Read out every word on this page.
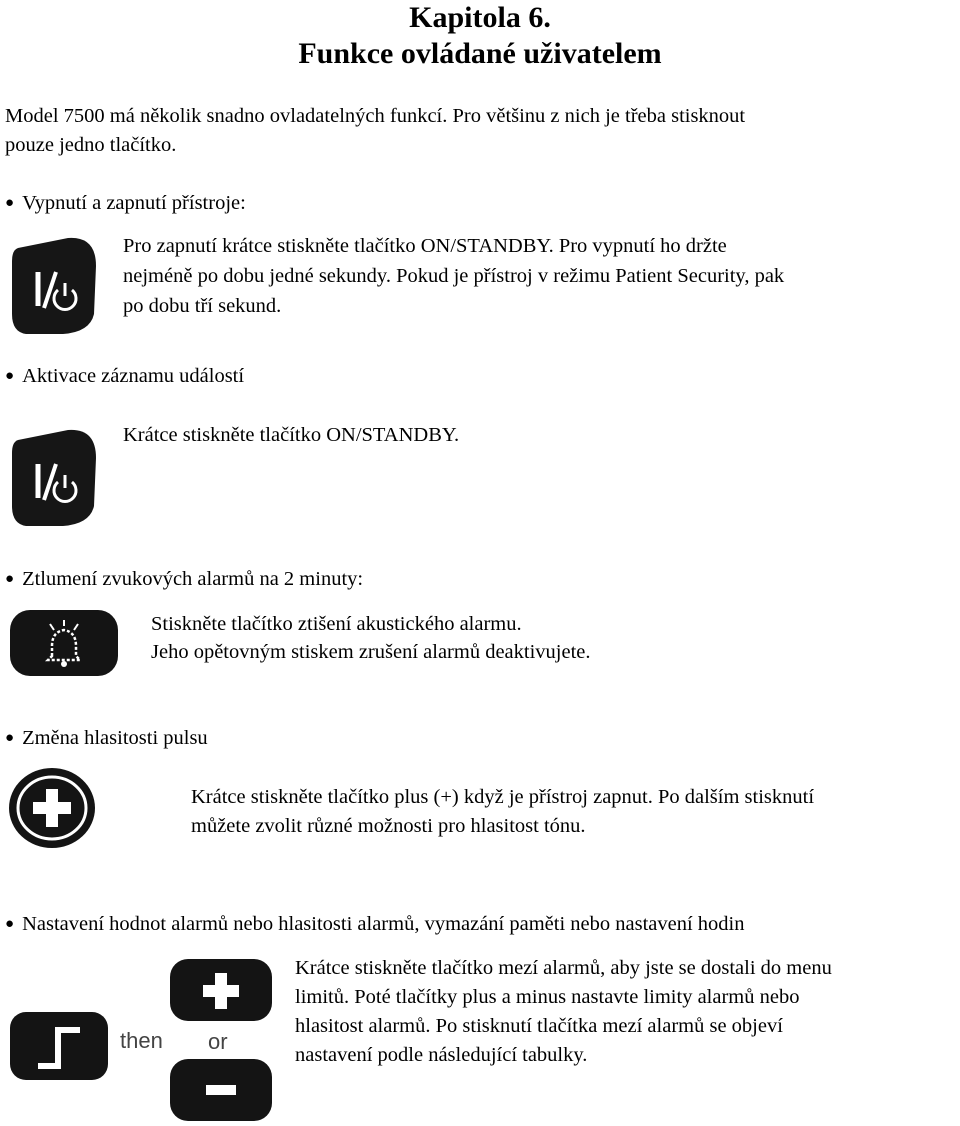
Kapitola 6.
Funkce ovládané uživatelem
Model 7500 má několik snadno ovladatelných funkcí. Pro většinu z nich je třeba stisknout
pouze jedno tlačítko.
● Vypnutí a zapnutí přístroje:
Pro zapnutí krátce stiskněte tlačítko ON/STANDBY. Pro vypnutí ho držte
nejméně po dobu jedné sekundy. Pokud je přístroj v režimu Patient Security, pak
po dobu tří sekund.
● Aktivace záznamu událostí
Krátce stiskněte tlačítko ON/STANDBY.
● Ztlumení zvukových alarmů na 2 minuty:
Stiskněte tlačítko ztišení akustického alarmu.
Jeho opětovným stiskem zrušení alarmů deaktivujete.
● Změna hlasitosti pulsu
Krátce stiskněte tlačítko plus (+) když je přístroj zapnut. Po dalším stisknutí
můžete zvolit různé možnosti pro hlasitost tónu.
● Nastavení hodnot alarmů nebo hlasitosti alarmů, vymazání paměti nebo nastavení hodin
then or
Krátce stiskněte tlačítko mezí alarmů, aby jste se dostali do menu
limitů. Poté tlačítky plus a minus nastavte limity alarmů nebo
hlasitost alarmů. Po stisknutí tlačítka mezí alarmů se objeví
nastavení podle následující tabulky.
